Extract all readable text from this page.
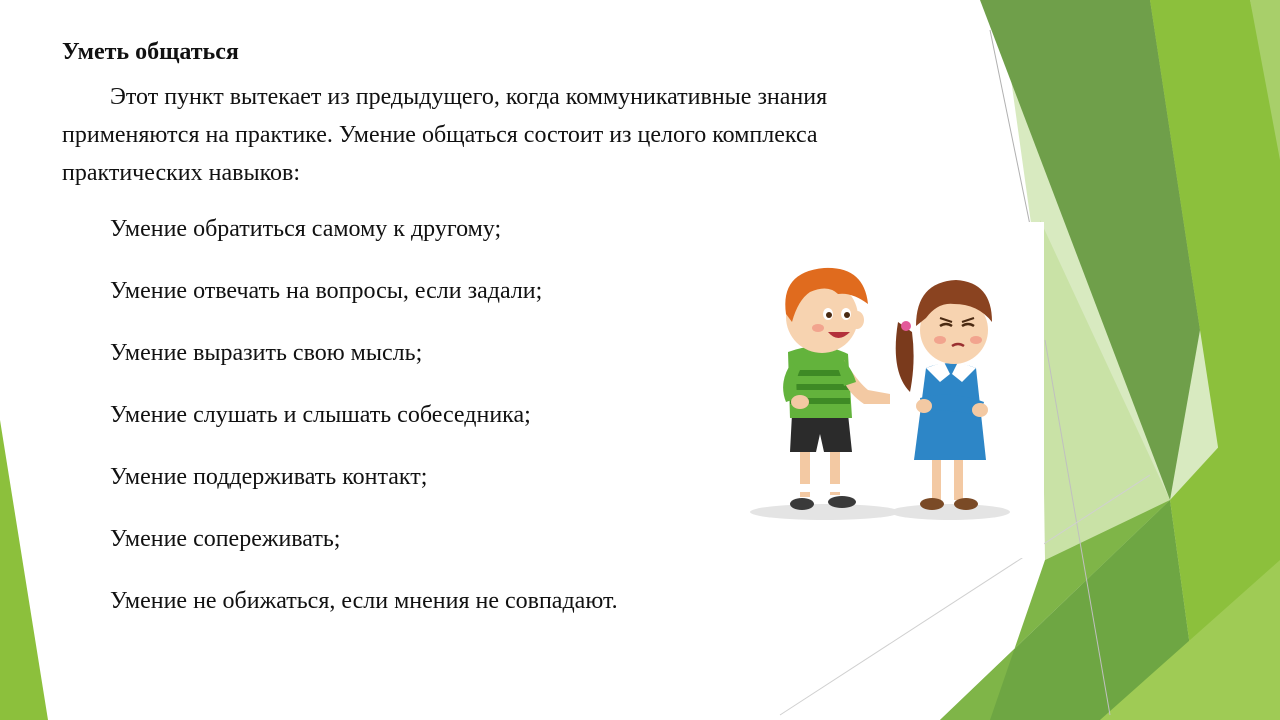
Уметь общаться

Этот пункт вытекает из предыдущего, когда коммуникативные знания применяются на практике. Умение общаться состоит из целого комплекса практических навыков:

Умение обратиться самому к другому;
Умение отвечать на вопросы, если задали;
Умение выразить свою мысль;
Умение слушать и слышать собеседника;
Умение поддерживать контакт;
Умение сопереживать;
Умение не обижаться, если мнения не совпадают.
